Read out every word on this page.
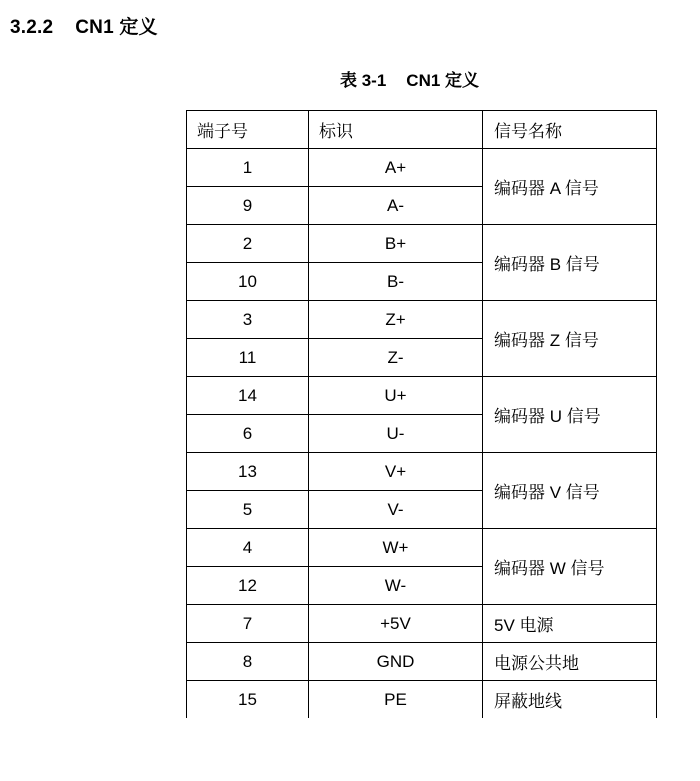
3.2.2 CN1 定义
表 3-1 CN1 定义
端子号	标识	信号名称
1	A+	编码器 A 信号
9	A-	
2	B+	编码器 B 信号
10	B-	
3	Z+	编码器 Z 信号
11	Z-	
14	U+	编码器 U 信号
6	U-	
13	V+	编码器 V 信号
5	V-	
4	W+	编码器 W 信号
12	W-	
7	+5V	5V 电源
8	GND	电源公共地
15	PE	屏蔽地线
